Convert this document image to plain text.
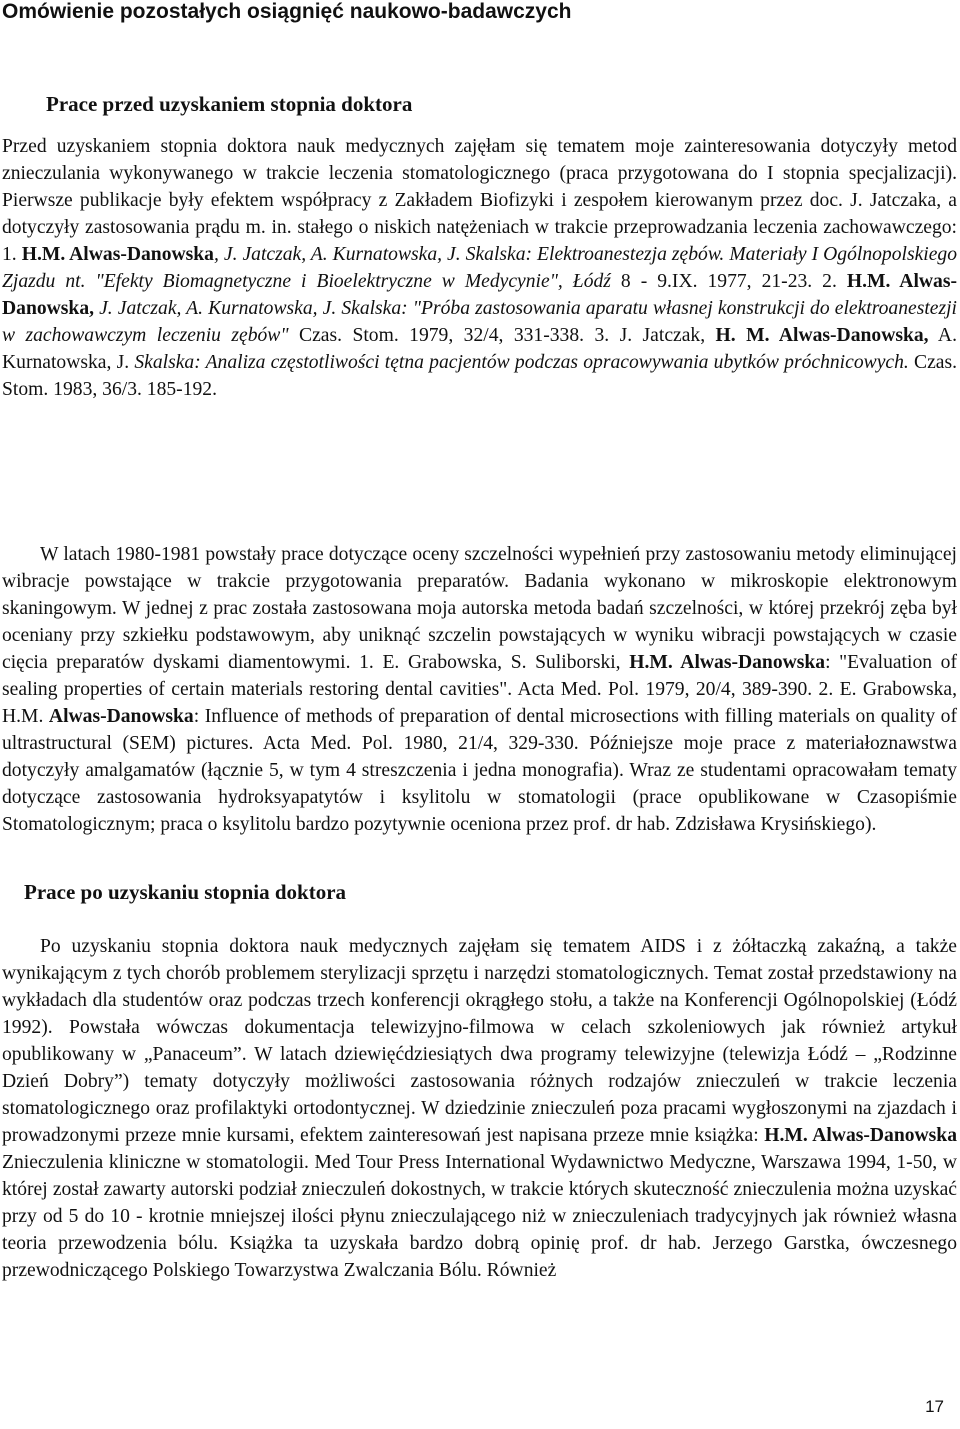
Omówienie pozostałych osiągnięć naukowo-badawczych
Prace przed uzyskaniem stopnia doktora

Przed uzyskaniem stopnia doktora nauk medycznych zajęłam się tematem moje zainteresowania dotyczyły metod znieczulania wykonywanego w trakcie leczenia stomatologicznego (praca przygotowana do I stopnia specjalizacji). Pierwsze publikacje były efektem współpracy z Zakładem Biofizyki i zespołem kierowanym przez doc. J. Jatczaka, a dotyczyły zastosowania prądu m. in. stałego o niskich natężeniach w trakcie przeprowadzania leczenia zachowawczego: 1. H.M. Alwas-Danowska, J. Jatczak, A. Kurnatowska, J. Skalska: Elektroanestezja zębów. Materiały I Ogólnopolskiego Zjazdu nt. "Efekty Biomagnetyczne i Bioelektryczne w Medycynie", Łódź 8 - 9.IX. 1977, 21-23. 2. H.M. Alwas-Danowska, J. Jatczak, A. Kurnatowska, J. Skalska: "Próba zastosowania aparatu własnej konstrukcji do elektroanestezji w zachowawczym leczeniu zębów" Czas. Stom. 1979, 32/4, 331-338. 3. J. Jatczak, H. M. Alwas-Danowska, A. Kurnatowska, J. Skalska: Analiza częstotliwości tętna pacjentów podczas opracowywania ubytków próchnicowych. Czas. Stom. 1983, 36/3. 185-192.

W latach 1980-1981 powstały prace dotyczące oceny szczelności wypełnień przy zastosowaniu metody eliminującej wibracje powstające w trakcie przygotowania preparatów. Badania wykonano w mikroskopie elektronowym skaningowym. W jednej z prac została zastosowana moja autorska metoda badań szczelności, w której przekrój zęba był oceniany przy szkiełku podstawowym, aby uniknąć szczelin powstających w wyniku wibracji powstających w czasie cięcia preparatów dyskami diamentowymi. 1. E. Grabowska, S. Suliborski, H.M. Alwas-Danowska: "Evaluation of sealing properties of certain materials restoring dental cavities". Acta Med. Pol. 1979, 20/4, 389-390. 2. E. Grabowska, H.M. Alwas-Danowska: Influence of methods of preparation of dental microsections with filling materials on quality of ultrastructural (SEM) pictures. Acta Med. Pol. 1980, 21/4, 329-330. Późniejsze moje prace z materiałoznawstwa dotyczyły amalgamatów (łącznie 5, w tym 4 streszczenia i jedna monografia). Wraz ze studentami opracowałam tematy dotyczące zastosowania hydroksyapatytów i ksylitolu w stomatologii (prace opublikowane w Czasopiśmie Stomatologicznym; praca o ksylitolu bardzo pozytywnie oceniona przez prof. dr hab. Zdzisława Krysińskiego).

Prace po uzyskaniu stopnia doktora

Po uzyskaniu stopnia doktora nauk medycznych zajęłam się tematem AIDS i z żółtaczką zakaźną, a także wynikającym z tych chorób problemem sterylizacji sprzętu i narzędzi stomatologicznych. Temat został przedstawiony na wykładach dla studentów oraz podczas trzech konferencji okrągłego stołu, a także na Konferencji Ogólnopolskiej (Łódź 1992). Powstała wówczas dokumentacja telewizyjno-filmowa w celach szkoleniowych jak również artykuł opublikowany w „Panaceum”. W latach dziewięćdziesiątych dwa programy telewizyjne (telewizja Łódź – „Rodzinne Dzień Dobry”) tematy dotyczyły możliwości zastosowania różnych rodzajów znieczuleń w trakcie leczenia stomatologicznego oraz profilaktyki ortodontycznej. W dziedzinie znieczuleń poza pracami wygłoszonymi na zjazdach i prowadzonymi przeze mnie kursami, efektem zainteresowań jest napisana przeze mnie książka: H.M. Alwas-Danowska Znieczulenia kliniczne w stomatologii. Med Tour Press International Wydawnictwo Medyczne, Warszawa 1994, 1-50, w której został zawarty autorski podział znieczuleń dokostnych, w trakcie których skuteczność znieczulenia można uzyskać przy od 5 do 10 - krotnie mniejszej ilości płynu znieczulającego niż w znieczuleniach tradycyjnych jak również własna teoria przewodzenia bólu. Książka ta uzyskała bardzo dobrą opinię prof. dr hab. Jerzego Garstka, ówczesnego przewodniczącego Polskiego Towarzystwa Zwalczania Bólu. Również

17
